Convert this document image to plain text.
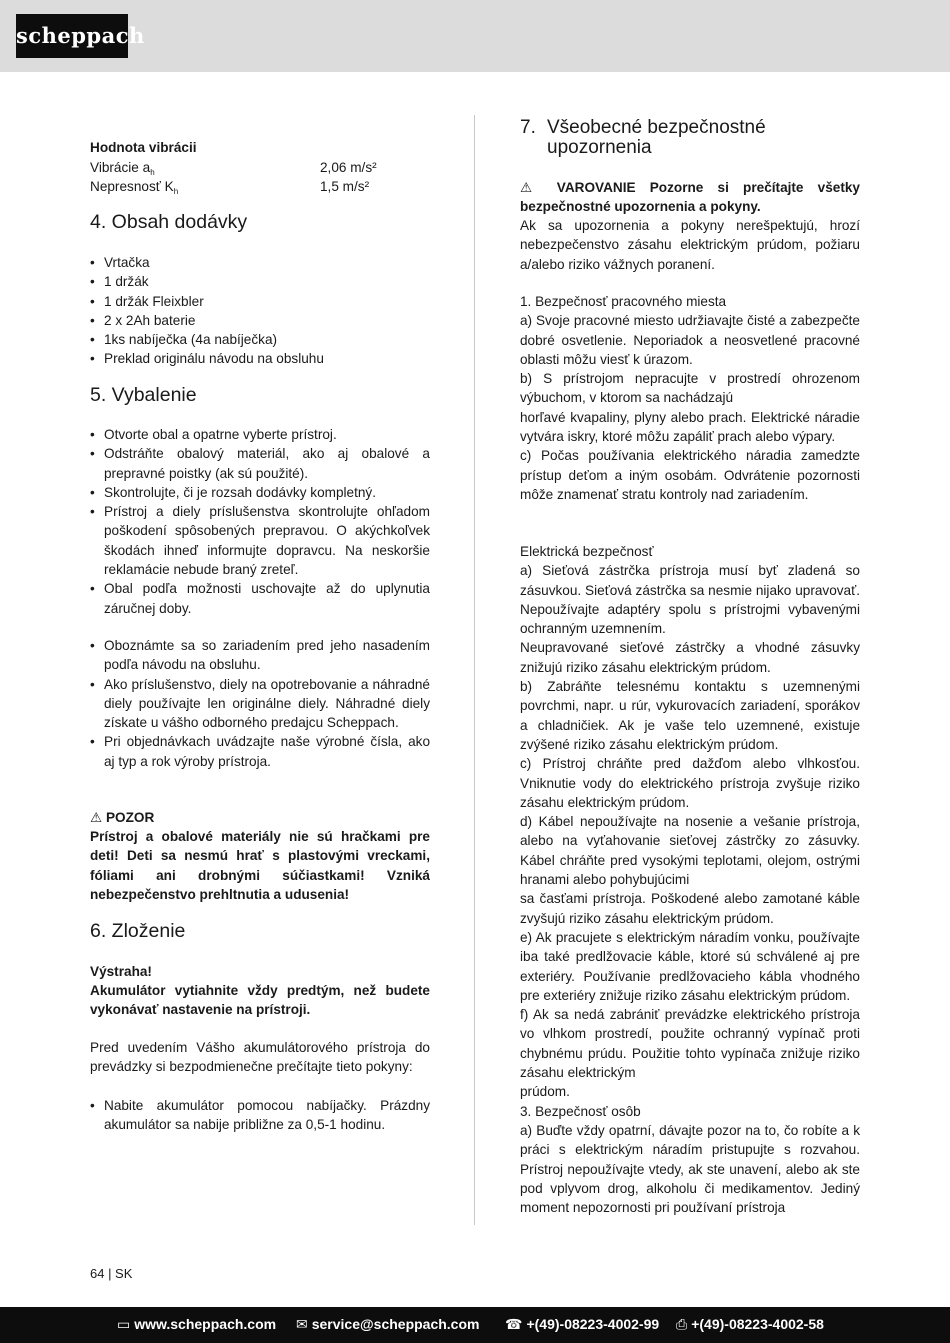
scheppach
Hodnota vibrácii
Vibrácie $a_h$	2,06 m/s²
Nepresnosť $K_h$	1,5 m/s²
4. Obsah dodávky
• Vrtačka
• 1 držák
• 1 držák Fleixbler
• 2 x 2Ah baterie
• 1ks nabíječka (4a nabíječka)
• Preklad originálu návodu na obsluhu
5. Vybalenie
• Otvorte obal a opatrne vyberte prístroj.
• Odstráňte obalový materiál, ako aj obalové a prepravné poistky (ak sú použité).
• Skontrolujte, či je rozsah dodávky kompletný.
• Prístroj a diely príslušenstva skontrolujte ohľadom poškodení spôsobených prepravou. O akýchkoľvek škodách ihneď informujte dopravcu. Na neskoršie reklamácie nebude braný zreteľ.
• Obal podľa možnosti uschovajte až do uplynutia záručnej doby.
• Oboznámte sa so zariadením pred jeho nasadením podľa návodu na obsluhu.
• Ako príslušenstvo, diely na opotrebovanie a náhradné diely používajte len originálne diely. Náhradné diely získate u vášho odborného predajcu Scheppach.
• Pri objednávkach uvádzajte naše výrobné čísla, ako aj typ a rok výroby prístroja.
⚠ POZOR
Prístroj a obalové materiály nie sú hračkami pre deti! Deti sa nesmú hrať s plastovými vreckami, fóliami ani drobnými súčiastkami! Vzniká nebezpečenstvo prehltnutia a udusenia!
6. Zloženie
Výstraha!
Akumulátor vytiahnite vždy predtým, než budete vykonávať nastavenie na prístroji.
Pred uvedením Vášho akumulátorového prístroja do prevádzky si bezpodmienečne prečítajte tieto pokyny:
• Nabite akumulátor pomocou nabíjačky. Prázdny akumulátor sa nabije približne za 0,5-1 hodinu.
7. Všeobecné bezpečnostné
upozornenia
⚠ VAROVANIE Pozorne si prečítajte všetky bezpečnostné upozornenia a pokyny.
Ak sa upozornenia a pokyny nerešpektujú, hrozí nebezpečenstvo zásahu elektrickým prúdom, požiaru a/alebo riziko vážnych poranení.
1. Bezpečnosť pracovného miesta
a) Svoje pracovné miesto udržiavajte čisté a zabezpečte dobré osvetlenie. Neporiadok a neosvetlené pracovné oblasti môžu viesť k úrazom.
b) S prístrojom nepracujte v prostredí ohrozenom výbuchom, v ktorom sa nachádzajú
horľavé kvapaliny, plyny alebo prach. Elektrické náradie vytvára iskry, ktoré môžu zapáliť prach alebo výpary.
c) Počas používania elektrického náradia zamedzte prístup deťom a iným osobám. Odvrátenie pozornosti môže znamenať stratu kontroly nad zariadením.
Elektrická bezpečnosť
a) Sieťová zástrčka prístroja musí byť zladená so zásuvkou. Sieťová zástrčka sa nesmie nijako upravovať. Nepoužívajte adaptéry spolu s prístrojmi vybavenými ochranným uzemnením.
Neupravované sieťové zástrčky a vhodné zásuvky znižujú riziko zásahu elektrickým prúdom.
b) Zabráňte telesnému kontaktu s uzemnenými povrchmi, napr. u rúr, vykurovacích zariadení, sporákov a chladničiek. Ak je vaše telo uzemnené, existuje zvýšené riziko zásahu elektrickým prúdom.
c) Prístroj chráňte pred dažďom alebo vlhkosťou. Vniknutie vody do elektrického prístroja zvyšuje riziko zásahu elektrickým prúdom.
d) Kábel nepoužívajte na nosenie a vešanie prístroja, alebo na vyťahovanie sieťovej zástrčky zo zásuvky. Kábel chráňte pred vysokými teplotami, olejom, ostrými hranami alebo pohybujúcimi
sa časťami prístroja. Poškodené alebo zamotané káble zvyšujú riziko zásahu elektrickým prúdom.
e) Ak pracujete s elektrickým náradím vonku, používajte iba také predlžovacie káble, ktoré sú schválené aj pre exteriéry. Používanie predlžovacieho kábla vhodného pre exteriéry znižuje riziko zásahu elektrickým prúdom.
f) Ak sa nedá zabrániť prevádzke elektrického prístroja vo vlhkom prostredí, použite ochranný vypínač proti chybnému prúdu. Použitie tohto vypínača znižuje riziko zásahu elektrickým
prúdom.
3. Bezpečnosť osôb
a) Buďte vždy opatrní, dávajte pozor na to, čo robíte a k práci s elektrickým náradím pristupujte s rozvahou. Prístroj nepoužívajte vtedy, ak ste unavení, alebo ak ste pod vplyvom drog, alkoholu či medikamentov. Jediný moment nepozornosti pri používaní prístroja
64 | SK
▭ www.scheppach.com ✉ service@scheppach.com ☎ +(49)-08223-4002-99 ⎙ +(49)-08223-4002-58
